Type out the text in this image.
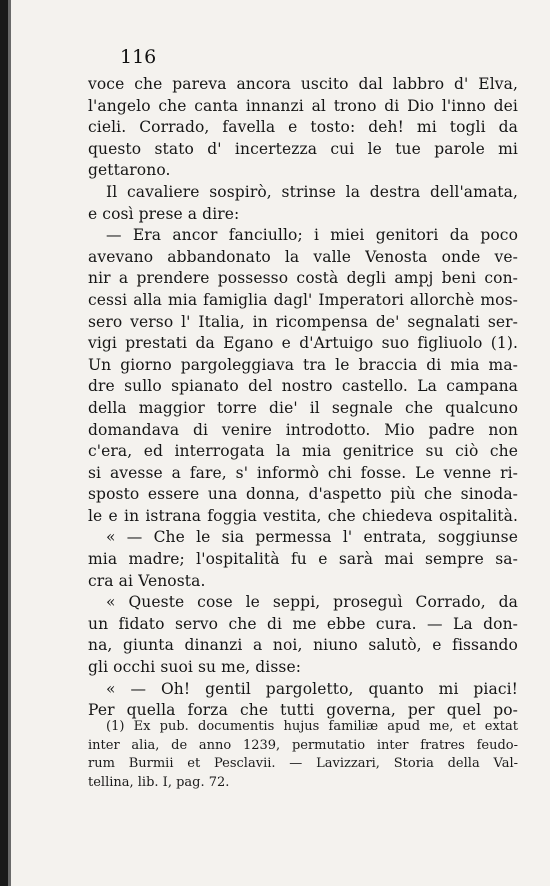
116
voce che pareva ancora uscito dal labbro d' Elva,
l'angelo che canta innanzi al trono di Dio l'inno dei
cieli. Corrado, favella e tosto: deh! mi togli da
questo stato d' incertezza cui le tue parole mi
gettarono.
Il cavaliere sospirò, strinse la destra dell'amata,
e così prese a dire:
— Era ancor fanciullo; i miei genitori da poco
avevano abbandonato la valle Venosta onde ve-
nir a prendere possesso costà degli ampj beni con-
cessi alla mia famiglia dagl' Imperatori allorchè mos-
sero verso l' Italia, in ricompensa de' segnalati ser-
vigi prestati da Egano e d'Artuigo suo figliuolo (1).
Un giorno pargoleggiava tra le braccia di mia ma-
dre sullo spianato del nostro castello. La campana
della maggior torre die' il segnale che qualcuno
domandava di venire introdotto. Mio padre non
c'era, ed interrogata la mia genitrice su ciò che
si avesse a fare, s' informò chi fosse. Le venne ri-
sposto essere una donna, d'aspetto più che sinoda-
le e in istrana foggia vestita, che chiedeva ospitalità.
« — Che le sia permessa l' entrata, soggiunse
mia madre; l'ospitalità fu e sarà mai sempre sa-
cra ai Venosta.
« Queste cose le seppi, proseguì Corrado, da
un fidato servo che di me ebbe cura. — La don-
na, giunta dinanzi a noi, niuno salutò, e fissando
gli occhi suoi su me, disse:
« — Oh! gentil pargoletto, quanto mi piaci!
Per quella forza che tutti governa, per quel po-
(1) Ex pub. documentis hujus familiæ apud me, et extat
inter alia, de anno 1239, permutatio inter fratres feudo-
rum Burmii et Pesclavii. — Lavizzari, Storia della Val-
tellina, lib. I, pag. 72.
